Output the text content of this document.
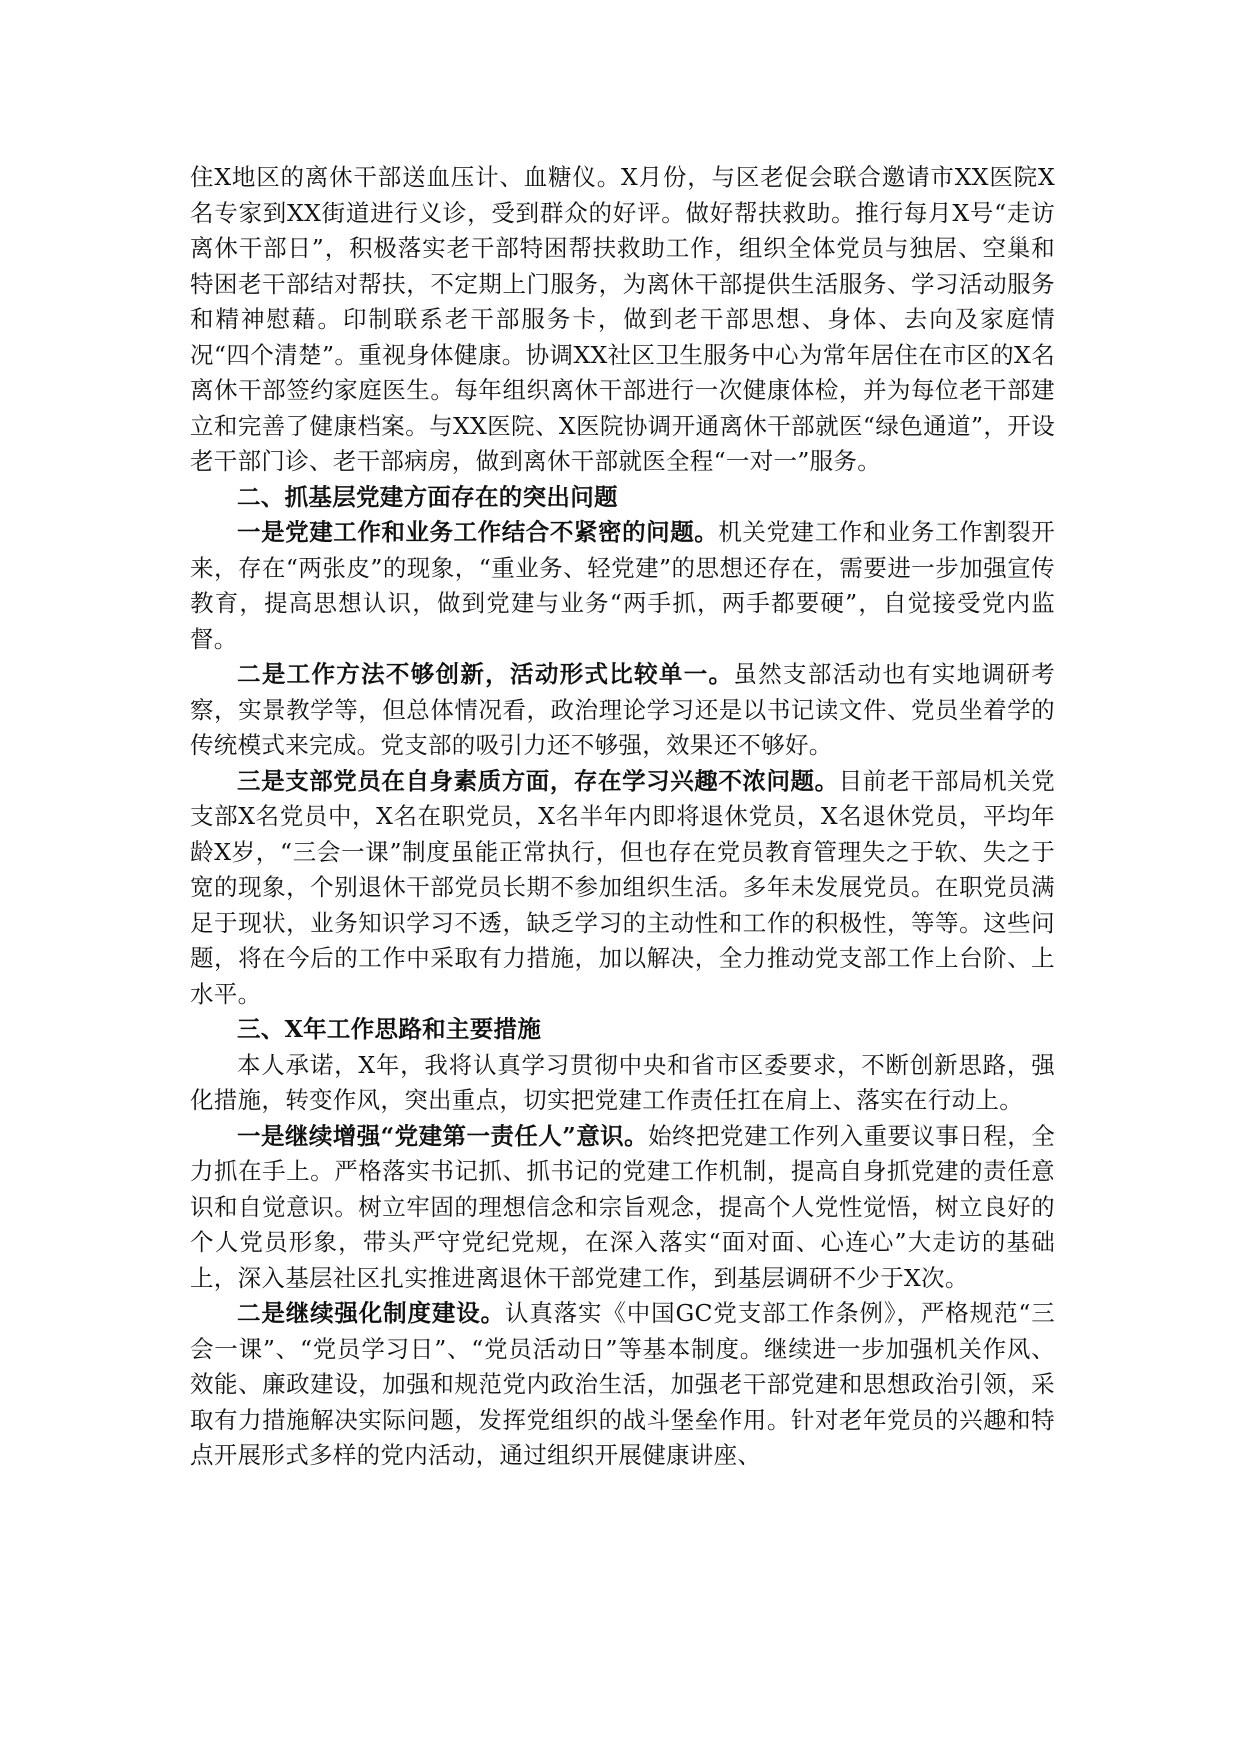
住X地区的离休干部送血压计、血糖仪。X月份，与区老促会联合邀请市XX医院X名专家到XX街道进行义诊，受到群众的好评。做好帮扶救助。推行每月X号“走访离休干部日”，积极落实老干部特困帮扶救助工作，组织全体党员与独居、空巢和特困老干部结对帮扶，不定期上门服务，为离休干部提供生活服务、学习活动服务和精神慰藉。印制联系老干部服务卡，做到老干部思想、身体、去向及家庭情况“四个清楚”。重视身体健康。协调XX社区卫生服务中心为常年居住在市区的X名离休干部签约家庭医生。每年组织离休干部进行一次健康体检，并为每位老干部建立和完善了健康档案。与XX医院、X医院协调开通离休干部就医“绿色通道”，开设老干部门诊、老干部病房，做到离休干部就医全程“一对一”服务。

二、抓基层党建方面存在的突出问题

一是党建工作和业务工作结合不紧密的问题。机关党建工作和业务工作割裂开来，存在“两张皮”的现象，“重业务、轻党建”的思想还存在，需要进一步加强宣传教育，提高思想认识，做到党建与业务“两手抓，两手都要硬”，自觉接受党内监督。

二是工作方法不够创新，活动形式比较单一。虽然支部活动也有实地调研考察，实景教学等，但总体情况看，政治理论学习还是以书记读文件、党员坐着学的传统模式来完成。党支部的吸引力还不够强，效果还不够好。

三是支部党员在自身素质方面，存在学习兴趣不浓问题。目前老干部局机关党支部X名党员中，X名在职党员，X名半年内即将退休党员，X名退休党员，平均年龄X岁，“三会一课”制度虽能正常执行，但也存在党员教育管理失之于软、失之于宽的现象，个别退休干部党员长期不参加组织生活。多年未发展党员。在职党员满足于现状，业务知识学习不透，缺乏学习的主动性和工作的积极性，等等。这些问题，将在今后的工作中采取有力措施，加以解决，全力推动党支部工作上台阶、上水平。

三、X年工作思路和主要措施

本人承诺，X年，我将认真学习贯彻中央和省市区委要求，不断创新思路，强化措施，转变作风，突出重点，切实把党建工作责任扛在肩上、落实在行动上。

一是继续增强“党建第一责任人”意识。始终把党建工作列入重要议事日程，全力抓在手上。严格落实书记抓、抓书记的党建工作机制，提高自身抓党建的责任意识和自觉意识。树立牢固的理想信念和宗旨观念，提高个人党性觉悟，树立良好的个人党员形象，带头严守党纪党规，在深入落实“面对面、心连心”大走访的基础上，深入基层社区扎实推进离退休干部党建工作，到基层调研不少于X次。

二是继续强化制度建设。认真落实《中国GC党支部工作条例》，严格规范“三会一课”、“党员学习日”、“党员活动日”等基本制度。继续进一步加强机关作风、效能、廉政建设，加强和规范党内政治生活，加强老干部党建和思想政治引领，采取有力措施解决实际问题，发挥党组织的战斗堡垒作用。针对老年党员的兴趣和特点开展形式多样的党内活动，通过组织开展健康讲座、
